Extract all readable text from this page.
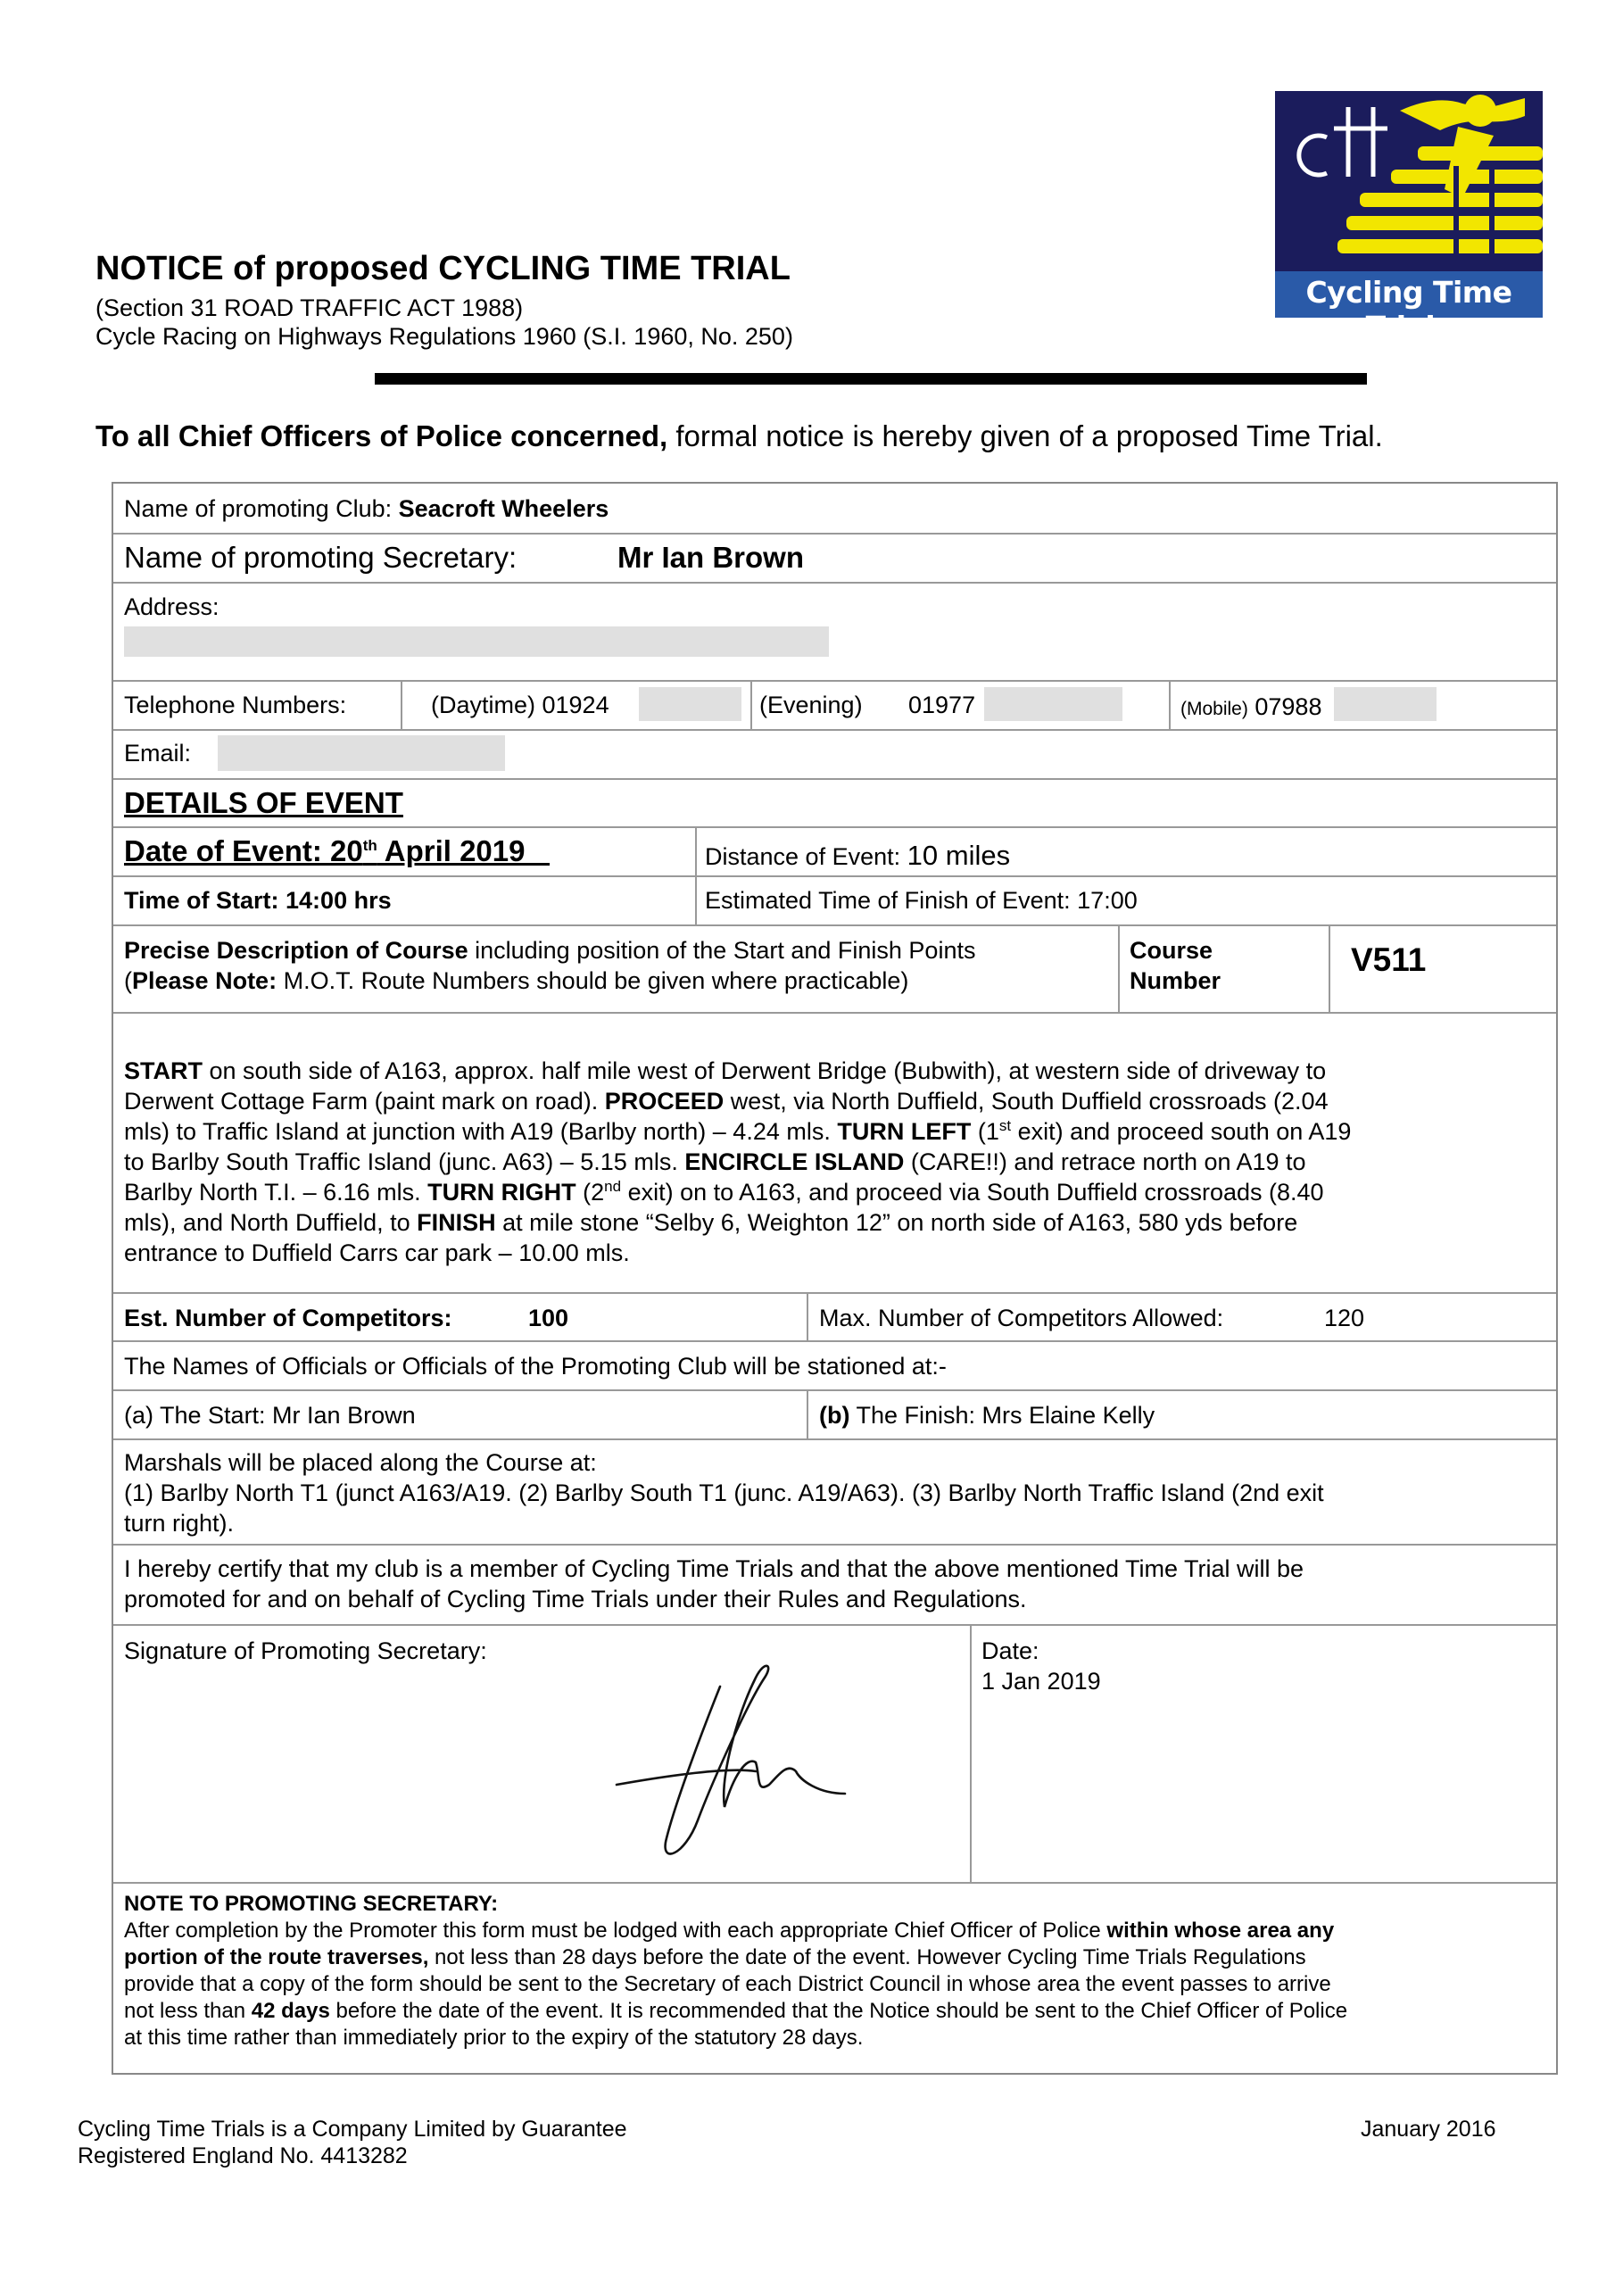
NOTICE of proposed CYCLING TIME TRIAL
(Section 31 ROAD TRAFFIC ACT 1988)
Cycle Racing on Highways Regulations 1960 (S.I. 1960, No. 250)
To all Chief Officers of Police concerned, formal notice is hereby given of a proposed Time Trial.
Cycling Time Trials
Name of promoting Club: Seacroft Wheelers
Name of promoting Secretary:	Mr Ian Brown
Address:
Telephone Numbers:	(Daytime) 01924	(Evening) 01977	(Mobile) 07988
Email:
DETAILS OF EVENT
Date of Event: 20th April 2019	Distance of Event: 10 miles
Time of Start: 14:00 hrs	Estimated Time of Finish of Event: 17:00
Precise Description of Course including position of the Start and Finish Points
(Please Note: M.O.T. Route Numbers should be given where practicable)
Course
Number
V511
START on south side of A163, approx. half mile west of Derwent Bridge (Bubwith), at western side of driveway to
Derwent Cottage Farm (paint mark on road). PROCEED west, via North Duffield, South Duffield crossroads (2.04
mls) to Traffic Island at junction with A19 (Barlby north) – 4.24 mls. TURN LEFT (1st exit) and proceed south on A19
to Barlby South Traffic Island (junc. A63) – 5.15 mls. ENCIRCLE ISLAND (CARE!!) and retrace north on A19 to
Barlby North T.I. – 6.16 mls. TURN RIGHT (2nd exit) on to A163, and proceed via South Duffield crossroads (8.40
mls), and North Duffield, to FINISH at mile stone “Selby 6, Weighton 12” on north side of A163, 580 yds before
entrance to Duffield Carrs car park – 10.00 mls.
Est. Number of Competitors:	100	Max. Number of Competitors Allowed:	120
The Names of Officials or Officials of the Promoting Club will be stationed at:-
(a) The Start: Mr Ian Brown	(b) The Finish: Mrs Elaine Kelly
Marshals will be placed along the Course at:
(1) Barlby North T1 (junct A163/A19. (2) Barlby South T1 (junc. A19/A63). (3) Barlby North Traffic Island (2nd exit
turn right).
I hereby certify that my club is a member of Cycling Time Trials and that the above mentioned Time Trial will be
promoted for and on behalf of Cycling Time Trials under their Rules and Regulations.
Signature of Promoting Secretary:	Date:
1 Jan 2019
NOTE TO PROMOTING SECRETARY:
After completion by the Promoter this form must be lodged with each appropriate Chief Officer of Police within whose area any
portion of the route traverses, not less than 28 days before the date of the event. However Cycling Time Trials Regulations
provide that a copy of the form should be sent to the Secretary of each District Council in whose area the event passes to arrive
not less than 42 days before the date of the event. It is recommended that the Notice should be sent to the Chief Officer of Police
at this time rather than immediately prior to the expiry of the statutory 28 days.
Cycling Time Trials is a Company Limited by Guarantee
Registered England No. 4413282
January 2016
